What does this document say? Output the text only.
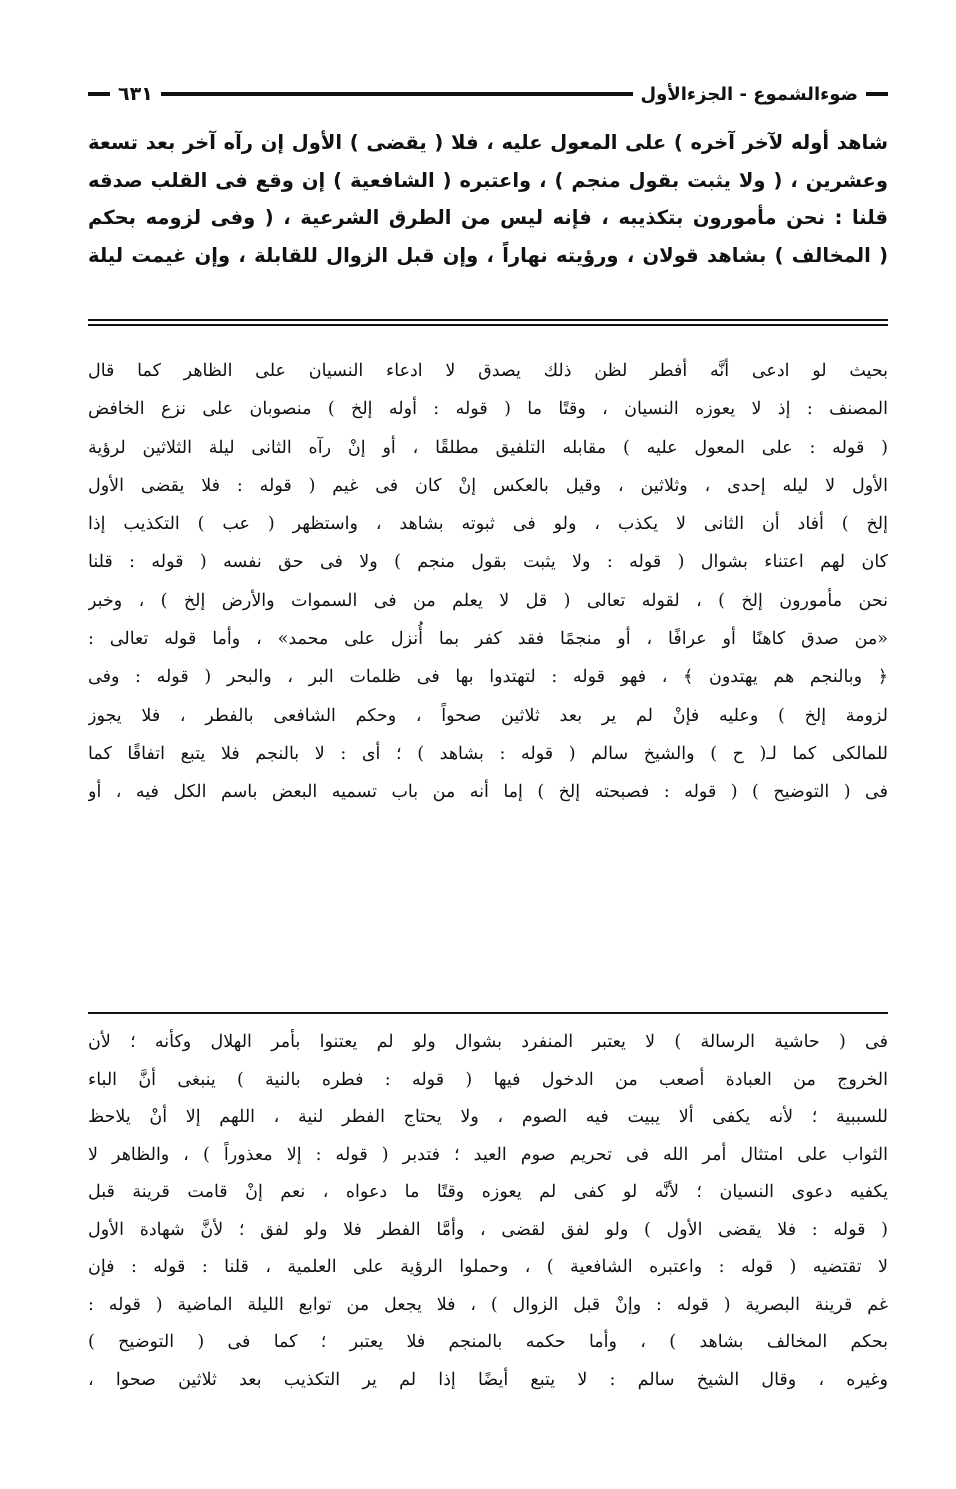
ضوءالشموع - الجزءالأول
٦٣١
شاهد أوله لآخر آخره ) على المعول عليه ، فلا ( يقضى ) الأول إن رآه آخر بعد تسعة
وعشرين ، ( ولا يثبت بقول منجم ) ، واعتبره ( الشافعية ) إن وقع فى القلب صدقه
قلنا : نحن مأمورون بتكذيبه ، فإنه ليس من الطرق الشرعية ، ( وفى لزومه بحكم
( المخالف ) بشاهد قولان ، ورؤيته نهاراً ، وإن قبل الزوال للقابلة ، وإن غيمت ليلة
بحيث لو ادعى أنَّه أفطر لظن ذلك يصدق لا ادعاء النسيان على الظاهر كما قال
المصنف : إذ لا يعوزه النسيان ، وقتًا ما ( قوله : أوله إلخ ) منصوبان على نزع الخافض
( قوله : على المعول عليه ) مقابله التلفيق مطلقًا ، أو إنْ رآه الثانى ليلة الثلاثين لرؤية
الأول لا ليله إحدى ، وثلاثين ، وقيل بالعكس إنْ كان فى غيم ( قوله : فلا يقضى الأول
إلخ ) أفاد أن الثانى لا يكذب ، ولو فى ثبوته بشاهد ، واستظهر ( عب ) التكذيب إذا
كان لهم اعتناء بشوال ( قوله : ولا يثبت بقول منجم ) ولا فى حق نفسه ( قوله : قلنا
نحن مأمورون إلخ ) ، لقوله تعالى ( قل لا يعلم من فى السموات والأرض إلخ ) ، وخبر
«من صدق كاهنًا أو عرافًا ، أو منجمًا فقد كفر بما أُنزل على محمد» ، وأما قوله تعالى :
﴿ وبالنجم هم يهتدون ﴾ ، فهو قوله : لتهتدوا بها فى ظلمات البر ، والبحر ( قوله : وفى
لزومة إلخ ) وعليه فإنْ لم ير بعد ثلاثين صحواً ، وحكم الشافعى بالفطر ، فلا يجوز
للمالكى كما لـ( ح ) والشيخ سالم ( قوله : بشاهد ) ؛ أى : لا بالنجم فلا يتبع اتفاقًا كما
فى ( التوضيح ) ( قوله : فصبحته إلخ ) إما أنه من باب تسميه البعض باسم الكل فيه ، أو
فى ( حاشية الرسالة ) لا يعتبر المنفرد بشوال ولو لم يعتنوا بأمر الهلال وكأنه ؛ لأن
الخروج من العبادة أصعب من الدخول فيها ( قوله : فطره بالنية ) ينبغى أنَّ الباء
للسببية ؛ لأنه يكفى ألا يبيت فيه الصوم ، ولا يحتاج الفطر لنية ، اللهم إلا أنْ يلاحظ
الثواب على امتثال أمر الله فى تحريم صوم العيد ؛ فتدبر ( قوله : إلا معذوراً ) ، والظاهر لا
يكفيه دعوى النسيان ؛ لأنَّه لو كفى لم يعوزه وقتًا ما دعواه ، نعم إنْ قامت قرينة قبل
( قوله : فلا يقضى الأول ) ولو لفق لقضى ، وأمَّا الفطر فلا ولو لفق ؛ لأنَّ شهادة الأول
لا تقتضيه ( قوله : واعتبره الشافعية ) ، وحملوا الرؤية على العلمية ، قلنا : قوله : فإن
غم قرينة البصرية ( قوله : وإنْ قبل الزوال ) ، فلا يجعل من توابع الليلة الماضية ( قوله :
بحكم المخالف بشاهد ) ، وأما حكمه بالمنجم فلا يعتبر ؛ كما فى ( التوضيح )
وغيره ، وقال الشيخ سالم : لا يتبع أيضًا إذا لم ير التكذيب بعد ثلاثين صحوا ،
